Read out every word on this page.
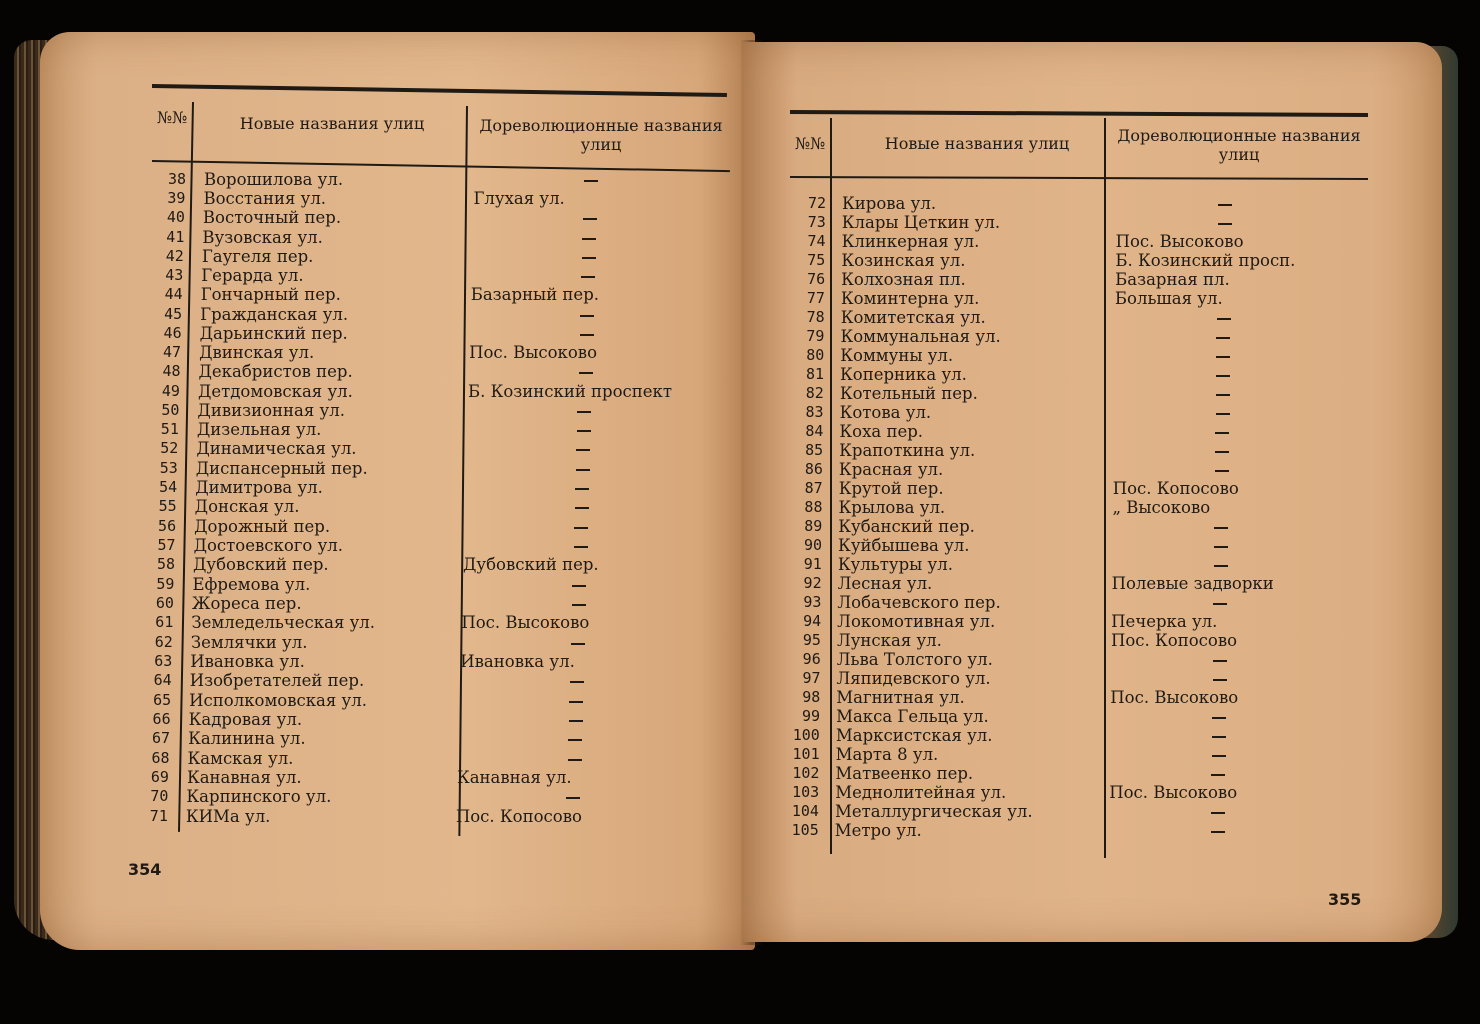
№№	Новые названия улиц	Дореволюционные названия
улиц
38 Ворошилова ул.
39 Восстания ул.	Глухая ул.
40 Восточный пер.
41 Вузовская ул.
42 Гаугеля пер.
43 Герарда ул.
44 Гончарный пер.	Базарный пер.
45 Гражданская ул.
46 Дарьинский пер.
47 Двинская ул.	Пос. Высоково
48 Декабристов пер.
49 Детдомовская ул.	Б. Козинский проспект
50 Дивизионная ул.
51 Дизельная ул.
52 Динамическая ул.
53 Диспансерный пер.
54 Димитрова ул.
55 Донская ул.
56 Дорожный пер.
57 Достоевского ул.
58 Дубовский пер.	Дубовский пер.
59 Ефремова ул.
60 Жореса пер.
61 Земледельческая ул.	Пос. Высоково
62 Землячки ул.
63 Ивановка ул.	Ивановка ул.
64 Изобретателей пер.
65 Исполкомовская ул.
66 Кадровая ул.
67 Калинина ул.
68 Камская ул.
69 Канавная ул.	Канавная ул.
70 Карпинского ул.
71 КИМа ул.	Пос. Копосово
354
№№	Новые названия улиц	Дореволюционные названия
улиц
72 Кирова ул.
73 Клары Цеткин ул.
74 Клинкерная ул.	Пос. Высоково
75 Козинская ул.	Б. Козинский просп.
76 Колхозная пл.	Базарная пл.
77 Коминтерна ул.	Большая ул.
78 Комитетская ул.
79 Коммунальная ул.
80 Коммуны ул.
81 Коперника ул.
82 Котельный пер.
83 Котова ул.
84 Коха пер.
85 Крапоткина ул.
86 Красная ул.
87 Крутой пер.	Пос. Копосово
88 Крылова ул.	„ Высоково
89 Кубанский пер.
90 Куйбышева ул.
91 Культуры ул.
92 Лесная ул.	Полевые задворки
93 Лобачевского пер.
94 Локомотивная ул.	Печерка ул.
95 Лунская ул.	Пос. Копосово
96 Льва Толстого ул.
97 Ляпидевского ул.
98 Магнитная ул.	Пос. Высоково
99 Макса Гельца ул.
100 Марксистская ул.
101 Марта 8 ул.
102 Матвеенко пер.
103 Меднолитейная ул.	Пос. Высоково
104 Металлургическая ул.
105 Метро ул.
355
